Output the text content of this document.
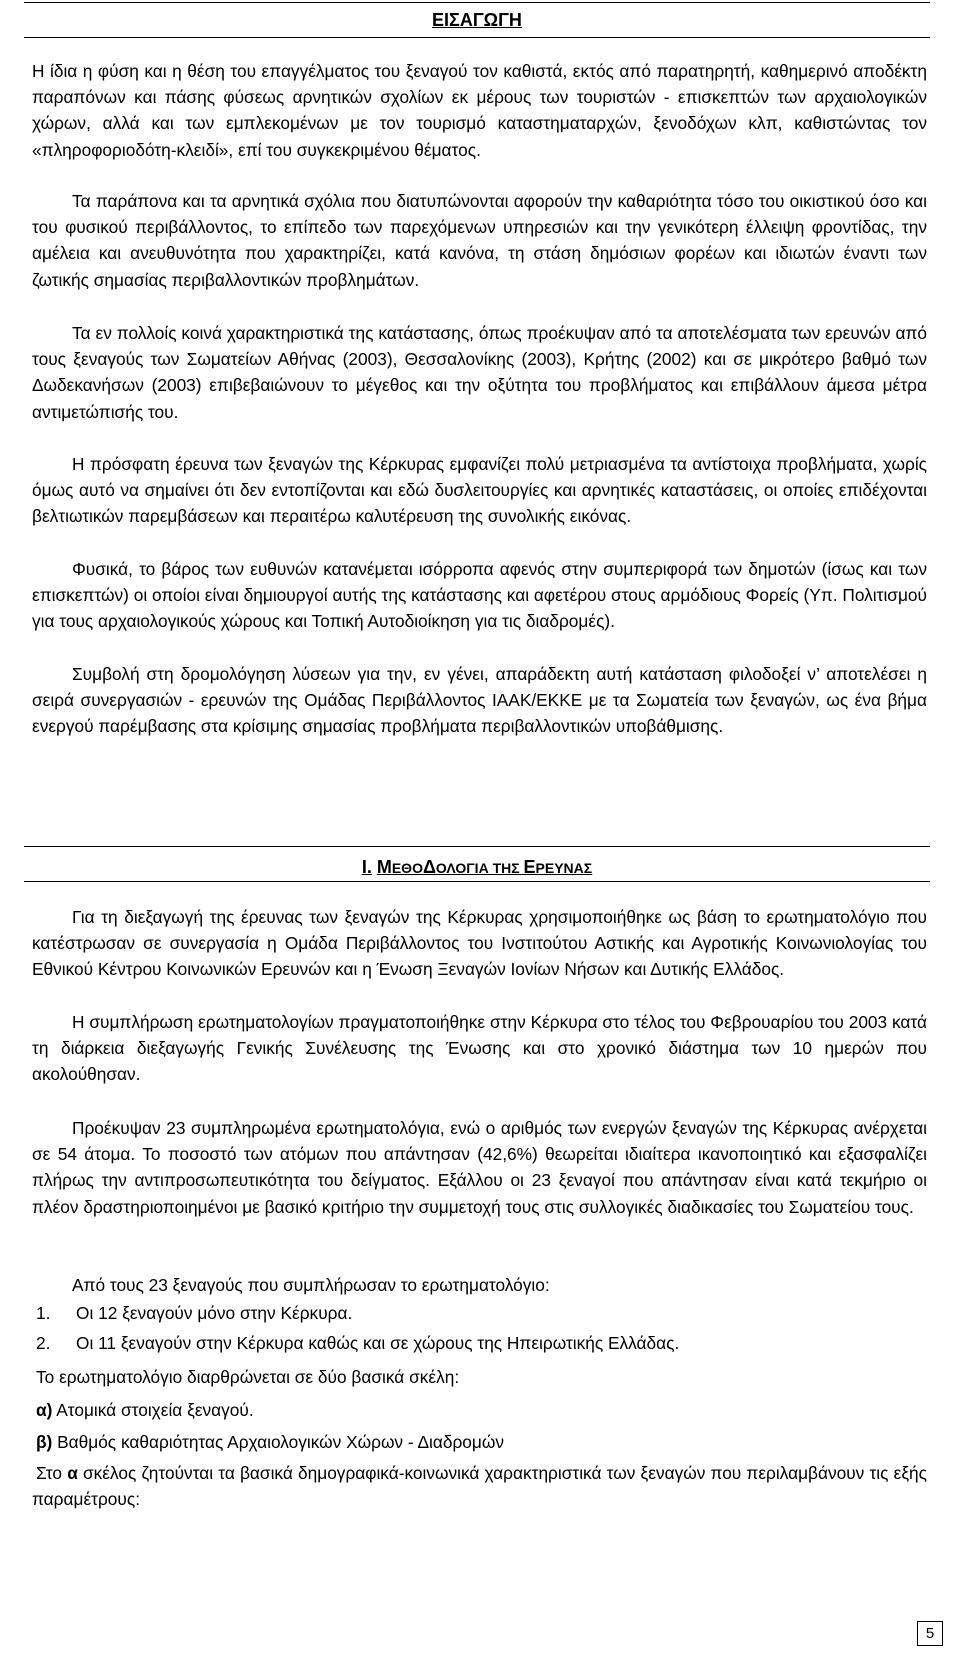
ΕΙΣΑΓΩΓΗ

Η ίδια η φύση και η θέση του επαγγέλματος του ξεναγού τον καθιστά, εκτός από παρατηρητή, καθημερινό αποδέκτη παραπόνων και πάσης φύσεως αρνητικών σχολίων εκ μέρους των τουριστών - επισκεπτών των αρχαιολογικών χώρων, αλλά και των εμπλεκομένων με τον τουρισμό καταστηματαρχών, ξενοδόχων κλπ, καθιστώντας τον «πληροφοριοδότη-κλειδί», επί του συγκεκριμένου θέματος.

Τα παράπονα και τα αρνητικά σχόλια που διατυπώνονται αφορούν την καθαριότητα τόσο του οικιστικού όσο και του φυσικού περιβάλλοντος, το επίπεδο των παρεχόμενων υπηρεσιών και την γενικότερη έλλειψη φροντίδας, την αμέλεια και ανευθυνότητα που χαρακτηρίζει, κατά κανόνα, τη στάση δημόσιων φορέων και ιδιωτών έναντι των ζωτικής σημασίας περιβαλλοντικών προβλημάτων.

Τα εν πολλοίς κοινά χαρακτηριστικά της κατάστασης, όπως προέκυψαν από τα αποτελέσματα των ερευνών από τους ξεναγούς των Σωματείων Αθήνας (2003), Θεσσαλονίκης (2003), Κρήτης (2002) και σε μικρότερο βαθμό των Δωδεκανήσων (2003) επιβεβαιώνουν το μέγεθος και την οξύτητα του προβλήματος και επιβάλλουν άμεσα μέτρα αντιμετώπισής του.

Η πρόσφατη έρευνα των ξεναγών της Κέρκυρας εμφανίζει πολύ μετριασμένα τα αντίστοιχα προβλήματα, χωρίς όμως αυτό να σημαίνει ότι δεν εντοπίζονται και εδώ δυσλειτουργίες και αρνητικές καταστάσεις, οι οποίες επιδέχονται βελτιωτικών παρεμβάσεων και περαιτέρω καλυτέρευση της συνολικής εικόνας.

Φυσικά, το βάρος των ευθυνών κατανέμεται ισόρροπα αφενός στην συμπεριφορά των δημοτών (ίσως και των επισκεπτών) οι οποίοι είναι δημιουργοί αυτής της κατάστασης και αφετέρου στους αρμόδιους Φορείς (Υπ. Πολιτισμού για τους αρχαιολογικούς χώρους και Τοπική Αυτοδιοίκηση για τις διαδρομές).

Συμβολή στη δρομολόγηση λύσεων για την, εν γένει, απαράδεκτη αυτή κατάσταση φιλοδοξεί ν’ αποτελέσει η σειρά συνεργασιών - ερευνών της Ομάδας Περιβάλλοντος ΙΑΑΚ/ΕΚΚΕ με τα Σωματεία των ξεναγών, ως ένα βήμα ενεργού παρέμβασης στα κρίσιμης σημασίας προβλήματα περιβαλλοντικών υποβάθμισης.

Ι. ΜΕΘΟΔΟΛΟΓΙΑ ΤΗΣ ΕΡΕΥΝΑΣ

Για τη διεξαγωγή της έρευνας των ξεναγών της Κέρκυρας χρησιμοποιήθηκε ως βάση το ερωτηματολόγιο που κατέστρωσαν σε συνεργασία η Ομάδα Περιβάλλοντος του Ινστιτούτου Αστικής και Αγροτικής Κοινωνιολογίας του Εθνικού Κέντρου Κοινωνικών Ερευνών και η Ένωση Ξεναγών Ιονίων Νήσων και Δυτικής Ελλάδος.

Η συμπλήρωση ερωτηματολογίων πραγματοποιήθηκε στην Κέρκυρα στο τέλος του Φεβρουαρίου του 2003 κατά τη διάρκεια διεξαγωγής Γενικής Συνέλευσης της Ένωσης και στο χρονικό διάστημα των 10 ημερών που ακολούθησαν.

Προέκυψαν 23 συμπληρωμένα ερωτηματολόγια, ενώ ο αριθμός των ενεργών ξεναγών της Κέρκυρας ανέρχεται σε 54 άτομα. Το ποσοστό των ατόμων που απάντησαν (42,6%) θεωρείται ιδιαίτερα ικανοποιητικό και εξασφαλίζει πλήρως την αντιπροσωπευτικότητα του δείγματος. Εξάλλου οι 23 ξεναγοί που απάντησαν είναι κατά τεκμήριο οι πλέον δραστηριοποιημένοι με βασικό κριτήριο την συμμετοχή τους στις συλλογικές διαδικασίες του Σωματείου τους.

Από τους 23 ξεναγούς που συμπλήρωσαν το ερωτηματολόγιο:
1. Οι 12 ξεναγούν μόνο στην Κέρκυρα.
2. Οι 11 ξεναγούν στην Κέρκυρα καθώς και σε χώρους της Ηπειρωτικής Ελλάδας.
Το ερωτηματολόγιο διαρθρώνεται σε δύο βασικά σκέλη:
α) Ατομικά στοιχεία ξεναγού.
β) Βαθμός καθαριότητας Αρχαιολογικών Χώρων - Διαδρομών

Στο α σκέλος ζητούνται τα βασικά δημογραφικά-κοινωνικά χαρακτηριστικά των ξεναγών που περιλαμβάνουν τις εξής παραμέτρους:

5
